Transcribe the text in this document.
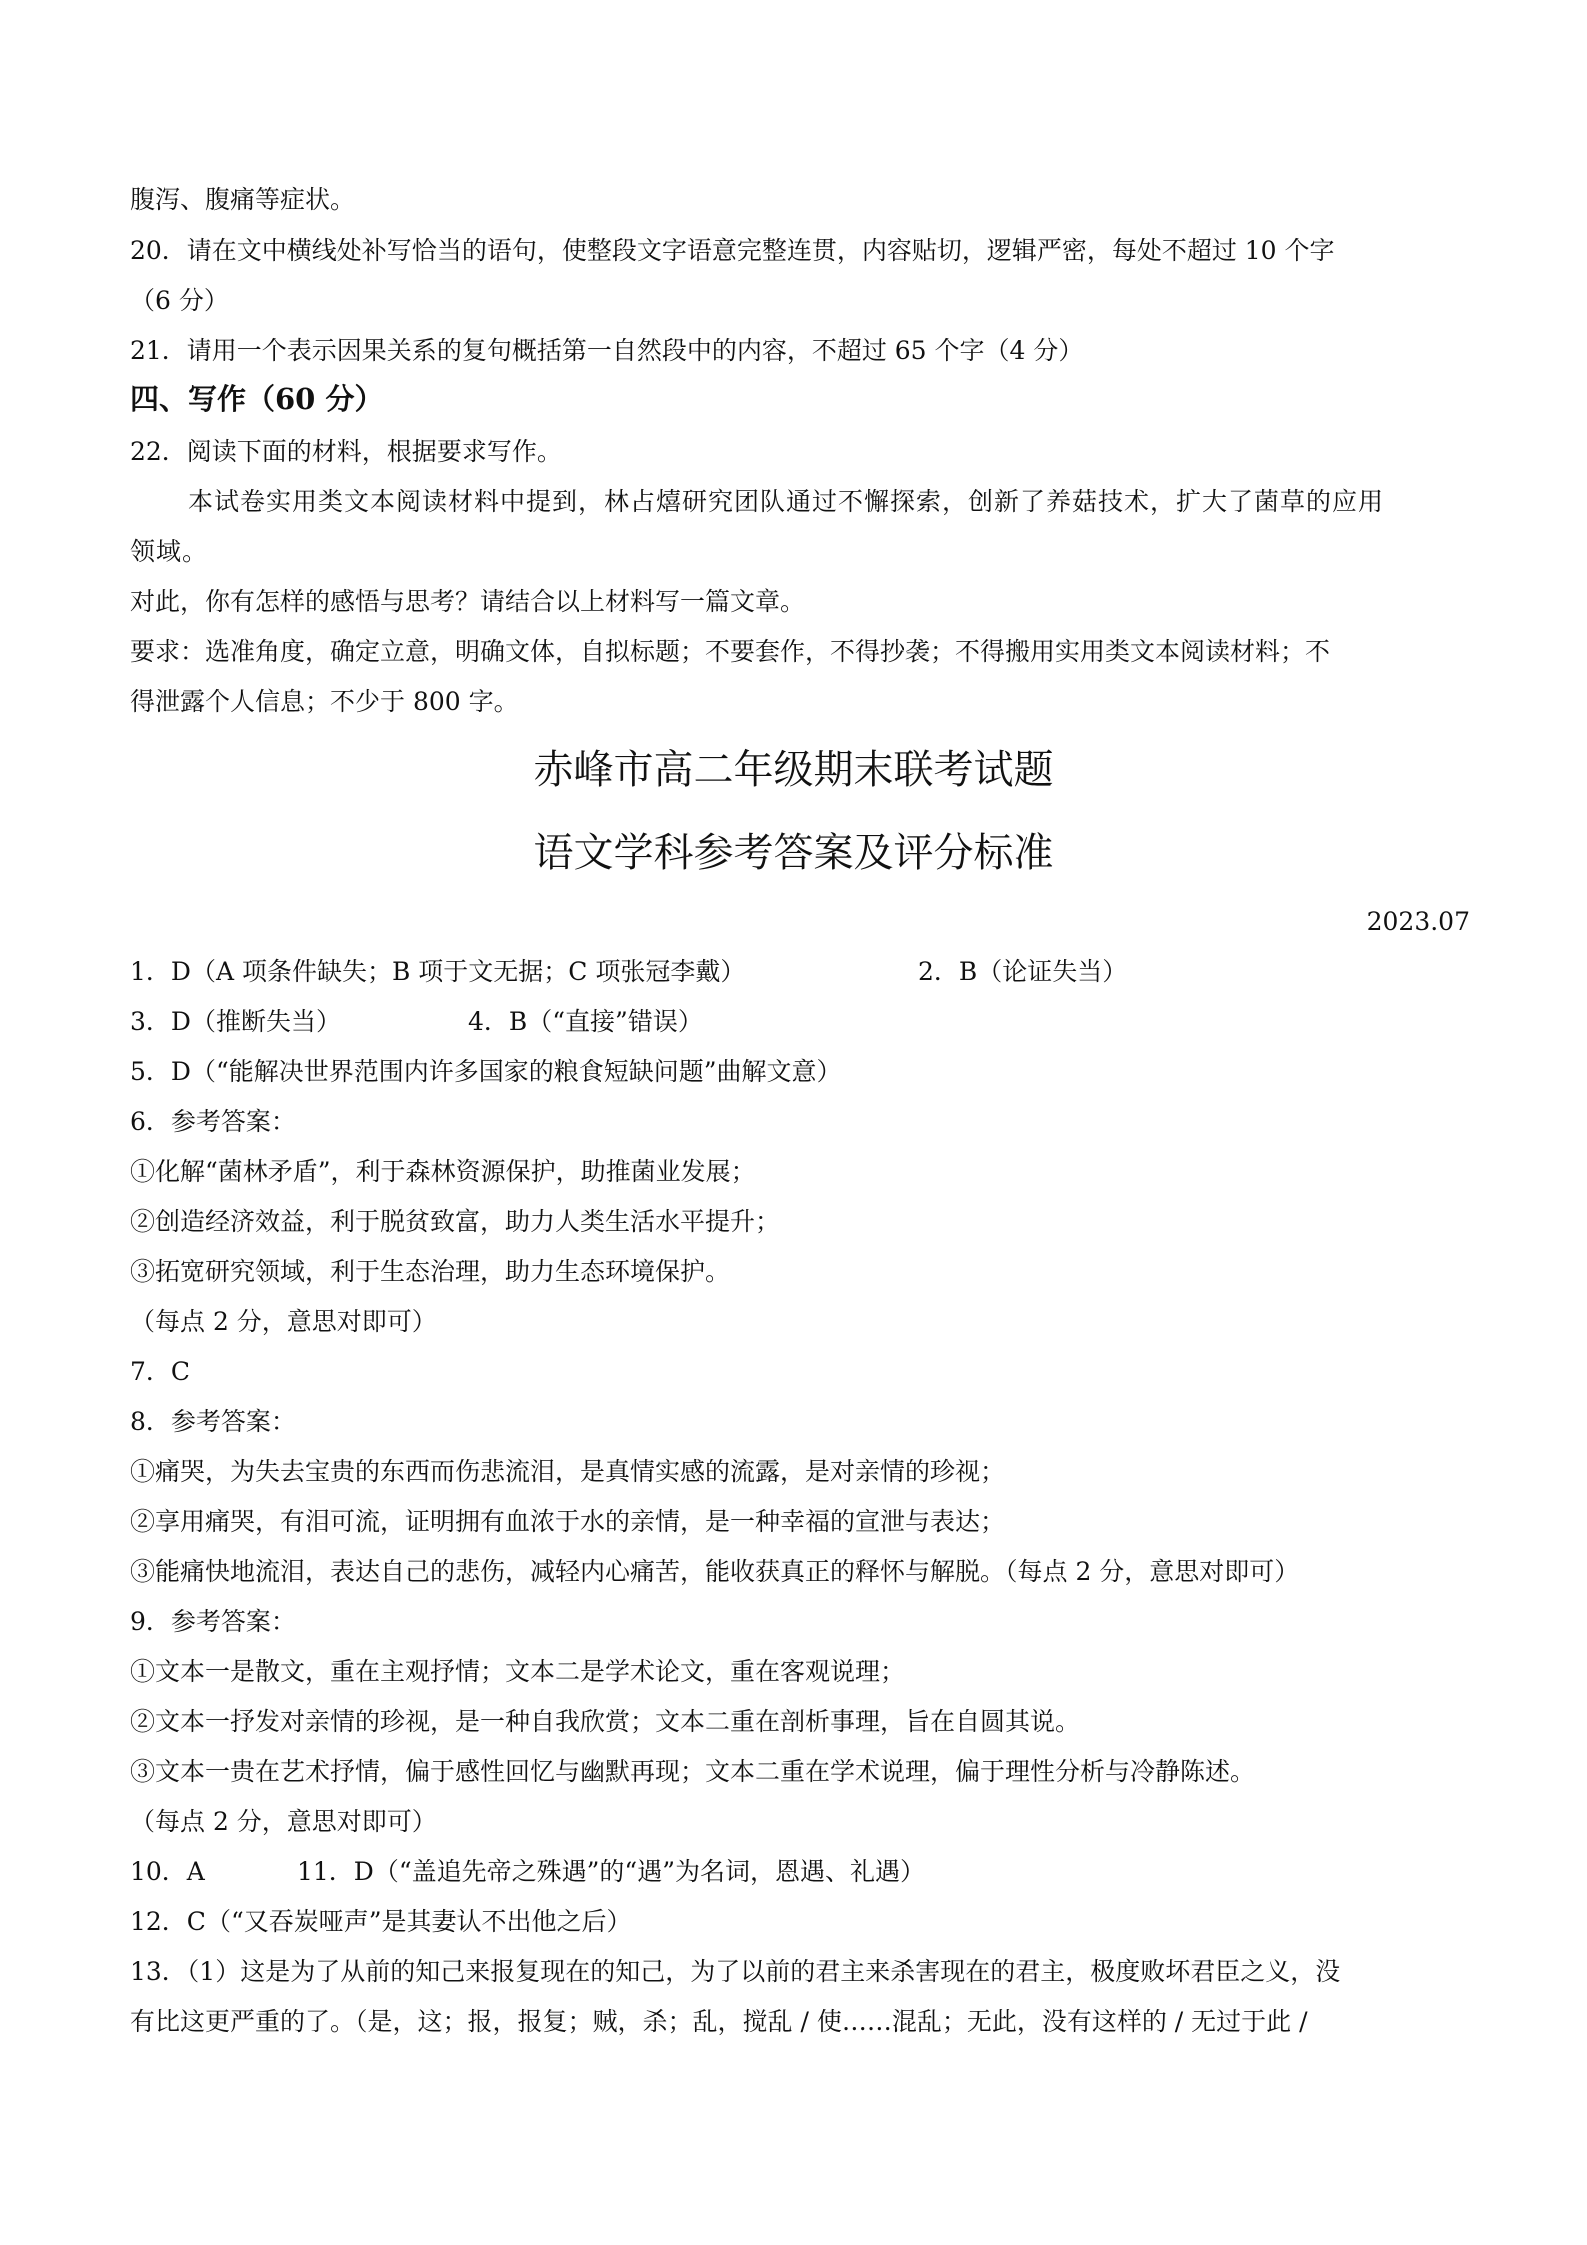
腹泻、腹痛等症状。

20．请在文中横线处补写恰当的语句，使整段文字语意完整连贯，内容贴切，逻辑严密，每处不超过 10 个字

（6 分）

21．请用一个表示因果关系的复句概括第一自然段中的内容，不超过 65 个字（4 分）

四、写作（60 分）

22．阅读下面的材料，根据要求写作。

本试卷实用类文本阅读材料中提到，林占熺研究团队通过不懈探索，创新了养菇技术，扩大了菌草的应用

领域。

对此，你有怎样的感悟与思考？请结合以上材料写一篇文章。

要求：选准角度，确定立意，明确文体，自拟标题；不要套作，不得抄袭；不得搬用实用类文本阅读材料；不

得泄露个人信息；不少于 800 字。

赤峰市高二年级期末联考试题
语文学科参考答案及评分标准

2023.07

1．D（A 项条件缺失；B 项于文无据；C 项张冠李戴）	2．B（论证失当）

3．D（推断失当）	4．B（“直接”错误）

5．D（“能解决世界范围内许多国家的粮食短缺问题”曲解文意）

6．参考答案：

①化解“菌林矛盾”，利于森林资源保护，助推菌业发展；

②创造经济效益，利于脱贫致富，助力人类生活水平提升；

③拓宽研究领域，利于生态治理，助力生态环境保护。

（每点 2 分，意思对即可）

7．C

8．参考答案：

①痛哭，为失去宝贵的东西而伤悲流泪，是真情实感的流露，是对亲情的珍视；

②享用痛哭，有泪可流，证明拥有血浓于水的亲情，是一种幸福的宣泄与表达；

③能痛快地流泪，表达自己的悲伤，减轻内心痛苦，能收获真正的释怀与解脱。（每点 2 分，意思对即可）

9．参考答案：

①文本一是散文，重在主观抒情；文本二是学术论文，重在客观说理；

②文本一抒发对亲情的珍视，是一种自我欣赏；文本二重在剖析事理，旨在自圆其说。

③文本一贵在艺术抒情，偏于感性回忆与幽默再现；文本二重在学术说理，偏于理性分析与冷静陈述。

（每点 2 分，意思对即可）

10．A	11．D（“盖追先帝之殊遇”的“遇”为名词，恩遇、礼遇）

12．C（“又吞炭哑声”是其妻认不出他之后）

13．（1）这是为了从前的知己来报复现在的知己，为了以前的君主来杀害现在的君主，极度败坏君臣之义，没

有比这更严重的了。（是，这；报，报复；贼，杀；乱，搅乱 / 使……混乱；无此，没有这样的 / 无过于此 /
